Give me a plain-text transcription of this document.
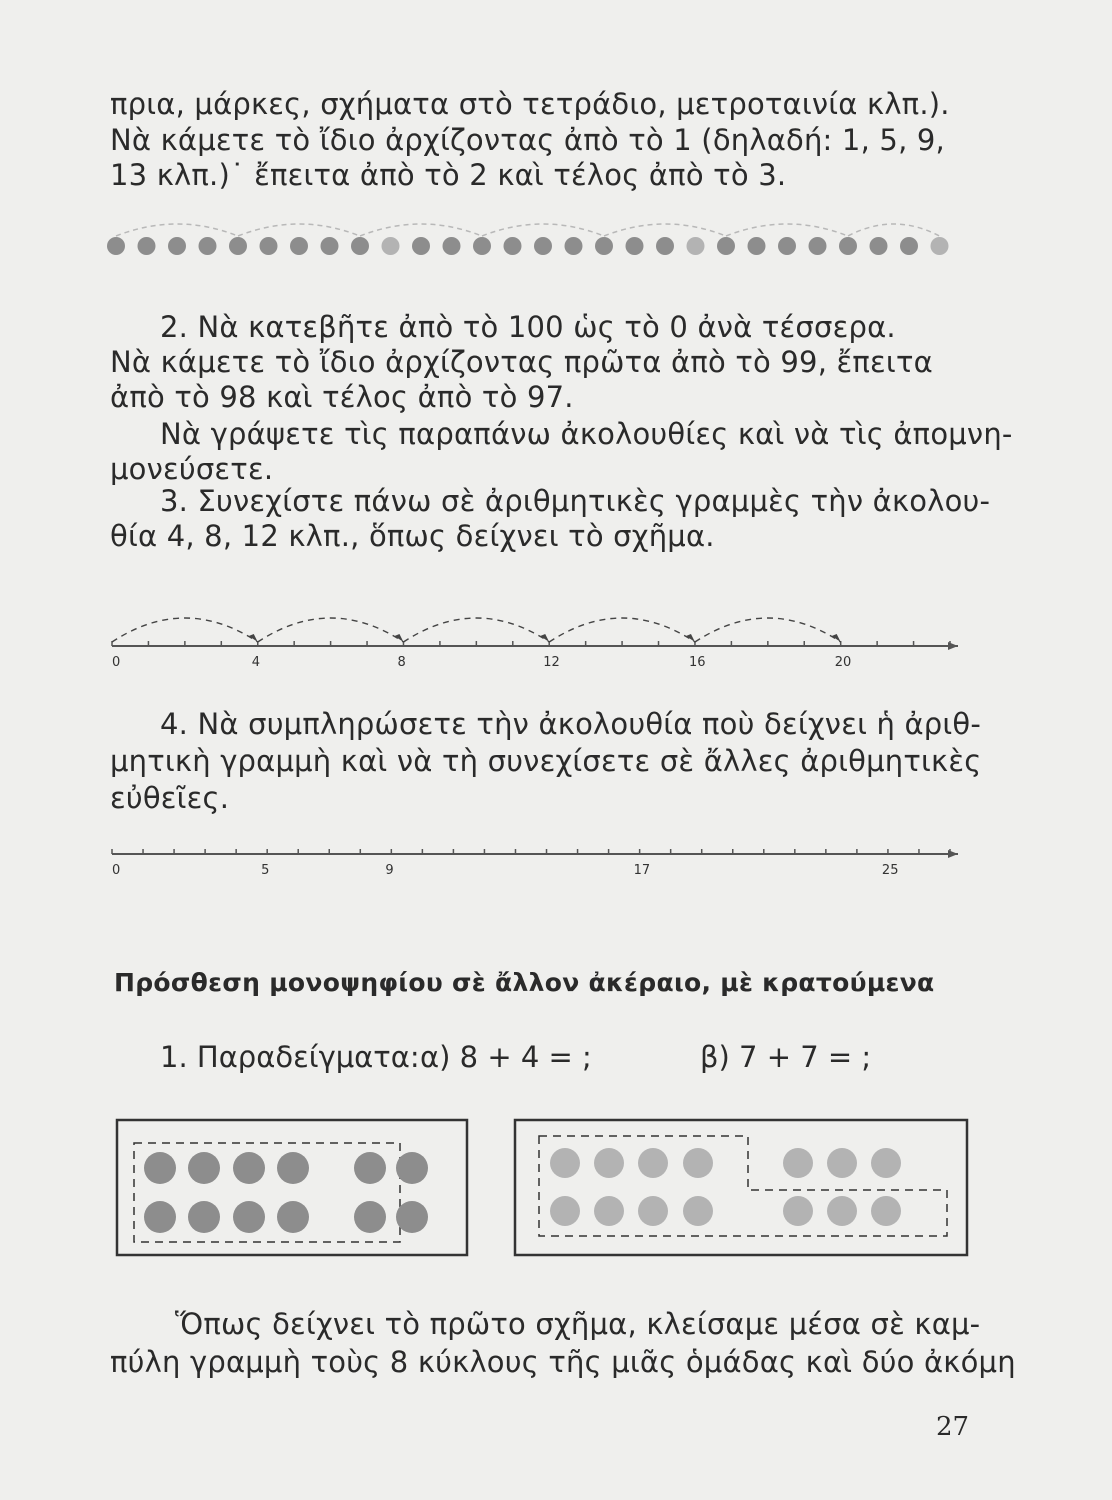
πρια, μάρκες, σχήματα στὸ τετράδιο, μετροταινία κλπ.).
Νὰ κάμετε τὸ ἴδιο ἀρχίζοντας ἀπὸ τὸ 1 (δηλαδή: 1, 5, 9,
13 κλπ.)˙ ἔπειτα ἀπὸ τὸ 2 καὶ τέλος ἀπὸ τὸ 3.
2. Νὰ κατεβῆτε ἀπὸ τὸ 100 ὡς τὸ 0 ἀνὰ τέσσερα.
Νὰ κάμετε τὸ ἴδιο ἀρχίζοντας πρῶτα ἀπὸ τὸ 99, ἔπειτα
ἀπὸ τὸ 98 καὶ τέλος ἀπὸ τὸ 97.
Νὰ γράψετε τὶς παραπάνω ἀκολουθίες καὶ νὰ τὶς ἀπομνη-
μονεύσετε.
3. Συνεχίστε πάνω σὲ ἀριθμητικὲς γραμμὲς τὴν ἀκολου-
θία 4, 8, 12 κλπ., ὅπως δείχνει τὸ σχῆμα.
0	4	8	12	16	20
4. Νὰ συμπληρώσετε τὴν ἀκολουθία ποὺ δείχνει ἡ ἀριθ-
μητικὴ γραμμὴ καὶ νὰ τὴ συνεχίσετε σὲ ἄλλες ἀριθμητικὲς
εὐθεῖες.
0	5	9	17	25
Πρόσθεση μονοψηφίου σὲ ἄλλον ἀκέραιο, μὲ κρατούμενα
1. Παραδείγματα: α) 8 + 4 = ;	β) 7 + 7 = ;
Ὅπως δείχνει τὸ πρῶτο σχῆμα, κλείσαμε μέσα σὲ καμ-
πύλη γραμμὴ τοὺς 8 κύκλους τῆς μιᾶς ὁμάδας καὶ δύο ἀκόμη
27
